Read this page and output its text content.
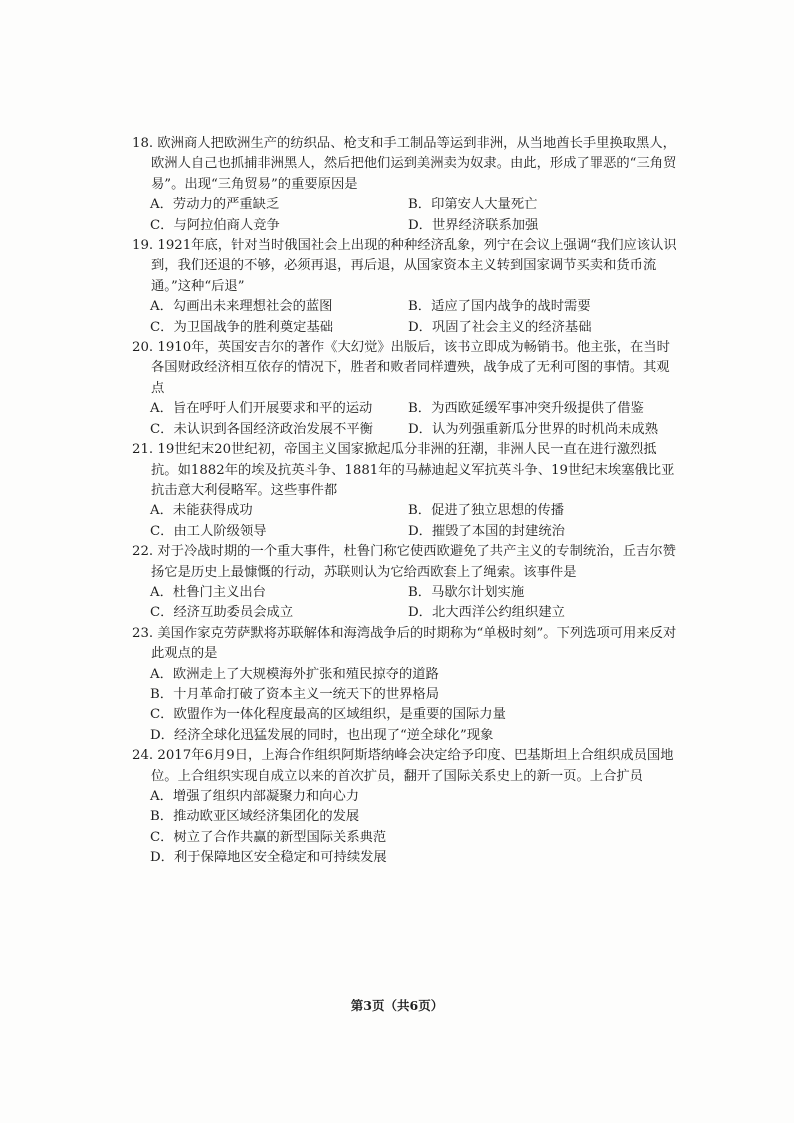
18. 欧洲商人把欧洲生产的纺织品、枪支和手工制品等运到非洲，从当地酋长手里换取黑人，欧洲人自己也抓捕非洲黑人，然后把他们运到美洲卖为奴隶。由此，形成了罪恶的“三角贸易”。出现“三角贸易”的重要原因是

A．劳动力的严重缺乏	B．印第安人大量死亡
C．与阿拉伯商人竞争	D．世界经济联系加强

19. 1921年底，针对当时俄国社会上出现的种种经济乱象，列宁在会议上强调“我们应该认识到，我们还退的不够，必须再退，再后退，从国家资本主义转到国家调节买卖和货币流通。”这种“后退”

A．勾画出未来理想社会的蓝图	B．适应了国内战争的战时需要
C．为卫国战争的胜利奠定基础	D．巩固了社会主义的经济基础

20. 1910年，英国安吉尔的著作《大幻觉》出版后，该书立即成为畅销书。他主张，在当时各国财政经济相互依存的情况下，胜者和败者同样遭殃，战争成了无利可图的事情。其观点

A．旨在呼吁人们开展要求和平的运动	B．为西欧延缓军事冲突升级提供了借鉴
C．未认识到各国经济政治发展不平衡	D．认为列强重新瓜分世界的时机尚未成熟

21. 19世纪末20世纪初，帝国主义国家掀起瓜分非洲的狂潮，非洲人民一直在进行激烈抵抗。如1882年的埃及抗英斗争、1881年的马赫迪起义军抗英斗争、19世纪末埃塞俄比亚抗击意大利侵略军。这些事件都

A．未能获得成功	B．促进了独立思想的传播
C．由工人阶级领导	D．摧毁了本国的封建统治

22. 对于冷战时期的一个重大事件，杜鲁门称它使西欧避免了共产主义的专制统治，丘吉尔赞扬它是历史上最慷慨的行动，苏联则认为它给西欧套上了绳索。该事件是

A．杜鲁门主义出台	B．马歇尔计划实施
C．经济互助委员会成立	D．北大西洋公约组织建立

23. 美国作家克劳萨默将苏联解体和海湾战争后的时期称为“单极时刻”。下列选项可用来反对此观点的是

A．欧洲走上了大规模海外扩张和殖民掠夺的道路
B．十月革命打破了资本主义一统天下的世界格局
C．欧盟作为一体化程度最高的区域组织，是重要的国际力量
D．经济全球化迅猛发展的同时，也出现了“逆全球化”现象

24. 2017年6月9日，上海合作组织阿斯塔纳峰会决定给予印度、巴基斯坦上合组织成员国地位。上合组织实现自成立以来的首次扩员，翻开了国际关系史上的新一页。上合扩员

A．增强了组织内部凝聚力和向心力
B．推动欧亚区域经济集团化的发展
C．树立了合作共赢的新型国际关系典范
D．利于保障地区安全稳定和可持续发展
第3页（共6页）
